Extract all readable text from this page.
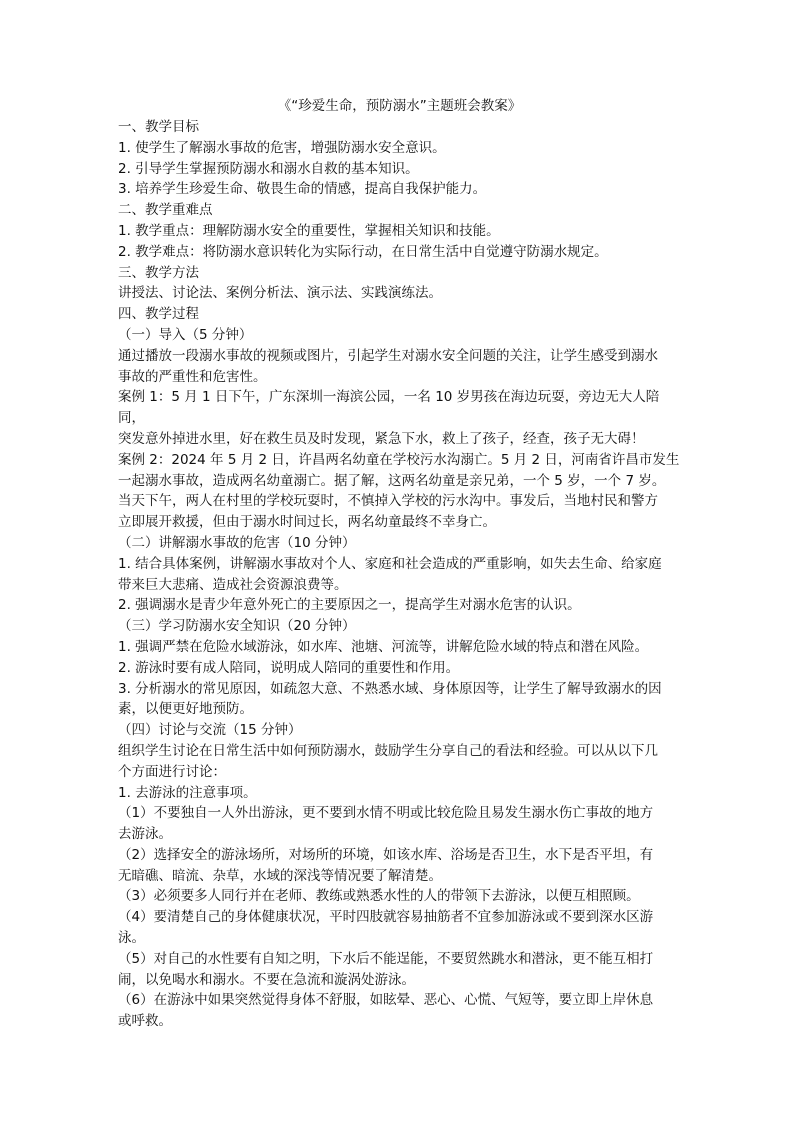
《“珍爱生命，预防溺水”主题班会教案》

一、教学目标

1. 使学生了解溺水事故的危害，增强防溺水安全意识。

2. 引导学生掌握预防溺水和溺水自救的基本知识。

3. 培养学生珍爱生命、敬畏生命的情感，提高自我保护能力。

二、教学重难点

1. 教学重点：理解防溺水安全的重要性，掌握相关知识和技能。

2. 教学难点：将防溺水意识转化为实际行动，在日常生活中自觉遵守防溺水规定。

三、教学方法

讲授法、讨论法、案例分析法、演示法、实践演练法。

四、教学过程

（一）导入（5 分钟）

通过播放一段溺水事故的视频或图片，引起学生对溺水安全问题的关注，让学生感受到溺水

事故的严重性和危害性。

案例 1：5 月 1 日下午，广东深圳一海滨公园，一名 10 岁男孩在海边玩耍，旁边无大人陪同，

突发意外掉进水里，好在救生员及时发现，紧急下水，救上了孩子，经查，孩子无大碍！

案例 2：2024 年 5 月 2 日，许昌两名幼童在学校污水沟溺亡。5 月 2 日，河南省许昌市发生

一起溺水事故，造成两名幼童溺亡。据了解，这两名幼童是亲兄弟，一个 5 岁，一个 7 岁。

当天下午，两人在村里的学校玩耍时，不慎掉入学校的污水沟中。事发后，当地村民和警方

立即展开救援，但由于溺水时间过长，两名幼童最终不幸身亡。

（二）讲解溺水事故的危害（10 分钟）

1. 结合具体案例，讲解溺水事故对个人、家庭和社会造成的严重影响，如失去生命、给家庭

带来巨大悲痛、造成社会资源浪费等。

2. 强调溺水是青少年意外死亡的主要原因之一，提高学生对溺水危害的认识。

（三）学习防溺水安全知识（20 分钟）

1. 强调严禁在危险水域游泳，如水库、池塘、河流等，讲解危险水域的特点和潜在风险。

2. 游泳时要有成人陪同，说明成人陪同的重要性和作用。

3. 分析溺水的常见原因，如疏忽大意、不熟悉水域、身体原因等，让学生了解导致溺水的因

素，以便更好地预防。

（四）讨论与交流（15 分钟）

组织学生讨论在日常生活中如何预防溺水，鼓励学生分享自己的看法和经验。可以从以下几

个方面进行讨论：

1. 去游泳的注意事项。

（1）不要独自一人外出游泳，更不要到水情不明或比较危险且易发生溺水伤亡事故的地方

去游泳。

（2）选择安全的游泳场所，对场所的环境，如该水库、浴场是否卫生，水下是否平坦，有

无暗礁、暗流、杂草，水域的深浅等情况要了解清楚。

（3）必须要多人同行并在老师、教练或熟悉水性的人的带领下去游泳，以便互相照顾。

（4）要清楚自己的身体健康状况，平时四肢就容易抽筋者不宜参加游泳或不要到深水区游

泳。

（5）对自己的水性要有自知之明，下水后不能逞能，不要贸然跳水和潜泳，更不能互相打

闹，以免喝水和溺水。不要在急流和漩涡处游泳。

（6）在游泳中如果突然觉得身体不舒服，如眩晕、恶心、心慌、气短等，要立即上岸休息

或呼救。
